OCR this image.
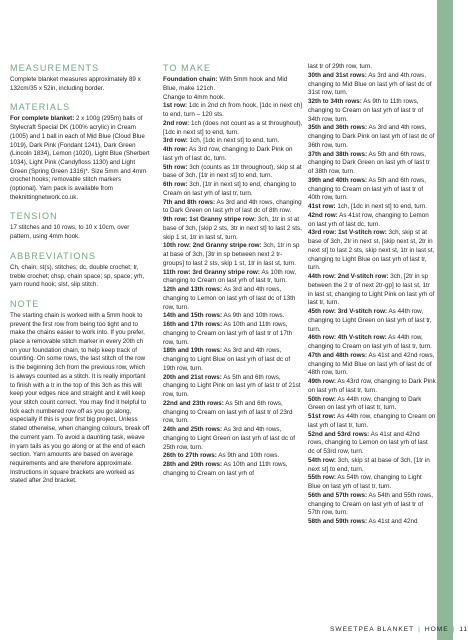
MEASUREMENTS

Complete blanket measures approximately 89 x 132cm/35 x 52in, including border.

MATERIALS

For complete blanket: 2 x 100g (295m) balls of Stylecraft Special DK (100% acrylic) in Cream (1005) and 1 ball in each of Mid Blue (Cloud Blue 1019), Dark Pink (Fondant 1241), Dark Green (Lincoln 1834), Lemon (1020), Light Blue (Sherbert 1034), Light Pink (Candyfloss 1130) and Light Green (Spring Green 1316)*. Size 5mm and 4mm crochet hooks; removable stitch markers (optional). Yarn pack is available from theknittingnetwork.co.uk.

TENSION

17 stitches and 10 rows, to 10 x 10cm, over pattern, using 4mm hook.

ABBREVIATIONS

Ch, chain; st(s), stitches; dc, double crochet; tr, treble crochet; chsp, chain space; sp, space; yrh, yarn round hook; slst, slip stitch.

NOTE

The starting chain is worked with a 5mm hook to prevent the first row from being too tight and to make the chains easier to work into. If you prefer, place a removable stitch marker in every 20th ch on your foundation chain, to help keep track of counting. On some rows, the last stitch of the row is the beginning 3ch from the previous row, which is always counted as a stitch. It is really important to finish with a tr in the top of this 3ch as this will keep your edges nice and straight and it will keep your stitch count correct. You may find it helpful to tick each numbered row off as you go along, especially if this is your first big project. Unless stated otherwise, when changing colours, break off the current yarn. To avoid a daunting task, weave in yarn tails as you go along or at the end of each section. Yarn amounts are based on average requirements and are therefore approximate. Instructions in square brackets are worked as stated after 2nd bracket.

TO MAKE

Foundation chain: With 5mm hook and Mid Blue, make 121ch.

Change to 4mm hook.

1st row: 1dc in 2nd ch from hook, [1dc in next ch] to end, turn – 120 sts.

2nd row: 1ch (does not count as a st throughout), [1dc in next st] to end, turn.

3rd row: 1ch, [1dc in next st] to end, turn.

4th row: As 3rd row, changing to Dark Pink on last yrh of last dc, turn.

5th row: 3ch (counts as 1tr throughout), skip st at base of 3ch, [1tr in next st] to end, turn.

6th row: 3ch, [1tr in next st] to end, changing to Cream on last yrh of last tr, turn.

7th and 8th rows: As 3rd and 4th rows, changing to Dark Green on last yrh of last dc of 8th row.

9th row: 1st Granny stripe row: 3ch, 1tr in st at base of 3ch, [skip 2 sts, 3tr in next st] to last 2 sts, skip 1 st, 1tr in last st, turn.

10th row: 2nd Granny stripe row: 3ch, 1tr in sp at base of 3ch, [3tr in sp between next 2 tr-groups] to last 2 sts, skip 1 st, 1tr in last st, turn.

11th row: 3rd Granny stripe row: As 10th row, changing to Cream on last yrh of last tr, turn.

12th and 13th rows: As 3rd and 4th rows, changing to Lemon on last yrh of last dc of 13th row, turn.

14th and 15th rows: As 9th and 10th rows.

16th and 17th rows: As 10th and 11th rows, changing to Cream on last yrh of last tr of 17th row, turn.

18th and 19th rows: As 3rd and 4th rows, changing to Light Blue on last yrh of last dc of 19th row, turn.

20th and 21st rows: As 5th and 6th rows, changing to Light Pink on last yrh of last tr of 21st row, turn.

22nd and 23th rows: As 5th and 6th rows, changing to Cream on last yrh of last tr of 23rd row, turn.

24th and 25th rows: As 3rd and 4th rows, changing to Light Green on last yrh of last dc of 25th row, turn.

26th to 27th rows: As 9th and 10th rows.

28th and 29th rows: As 10th and 11th rows, changing to Cream on last yrh of

last tr of 29th row, turn.

30th and 31st rows: As 3rd and 4th rows, changing to Mid Blue on last yrh of last dc of 31st row, turn.

32th to 34th rows: As 9th to 11th rows, changing to Cream on last yrh of last tr of 34th row, turn.

35th and 36th rows: As 3rd and 4th rows, changing to Dark Pink on last yrh of last dc of 36th row, turn.

37th and 38th rows: As 5th and 6th rows, changing to Dark Green on last yrh of last tr of 38th row, turn.

39th and 40th rows: As 5th and 6th rows, changing to Cream on last yrh of last tr of 40th row, turn.

41st row: 1ch, [1dc in next st] to end, turn.

42nd row: As 41st row, changing to Lemon on last yrh of last dc, turn.

43rd row: 1st V-stitch row: 3ch, skip st at base of 3ch, 2tr in next st, [skip next st, 2tr in next st] to last 2 sts, skip next st, 1tr in last st, changing to Light Blue on last yrh of last tr, turn.

44th row: 2nd V-stitch row: 3ch, [2tr in sp between the 2 tr of next 2tr-gp] to last st, 1tr in last st, changing to Light Pink on last yrh of last tr, turn.

45th row: 3rd V-stitch row: As 44th row, changing to Light Green on last yrh of last tr, turn.

46th row: 4th V-stitch row: As 44th row, changing to Cream on last yrh of last tr, turn.

47th and 48th rows: As 41st and 42nd rows, changing to Mid Blue on last yrh of last dc of 48th row, turn.

49th row: As 43rd row, changing to Dark Pink on last yrh of last tr, turn.

50th row: As 44th row, changing to Dark Green on last yrh of last tr, turn.

51st row: As 44th row, changing to Cream on last yrh of last tr, turn.

52nd and 53rd rows: As 41st and 42nd rows, changing to Lemon on last yrh of last dc of 53rd row, turn.

54th row: 3ch, skip st at base of 3ch, [1tr in next st] to end, turn.

55th row: As 54th row, changing to Light Blue on last yrh of last tr, turn.

56th and 57th rows: As 54th and 55th rows, changing to Cream on last yrh of last tr of 57th row, turn.

58th and 59th rows: As 41st and 42nd

SWEETPEA BLANKET | HOME | 11
